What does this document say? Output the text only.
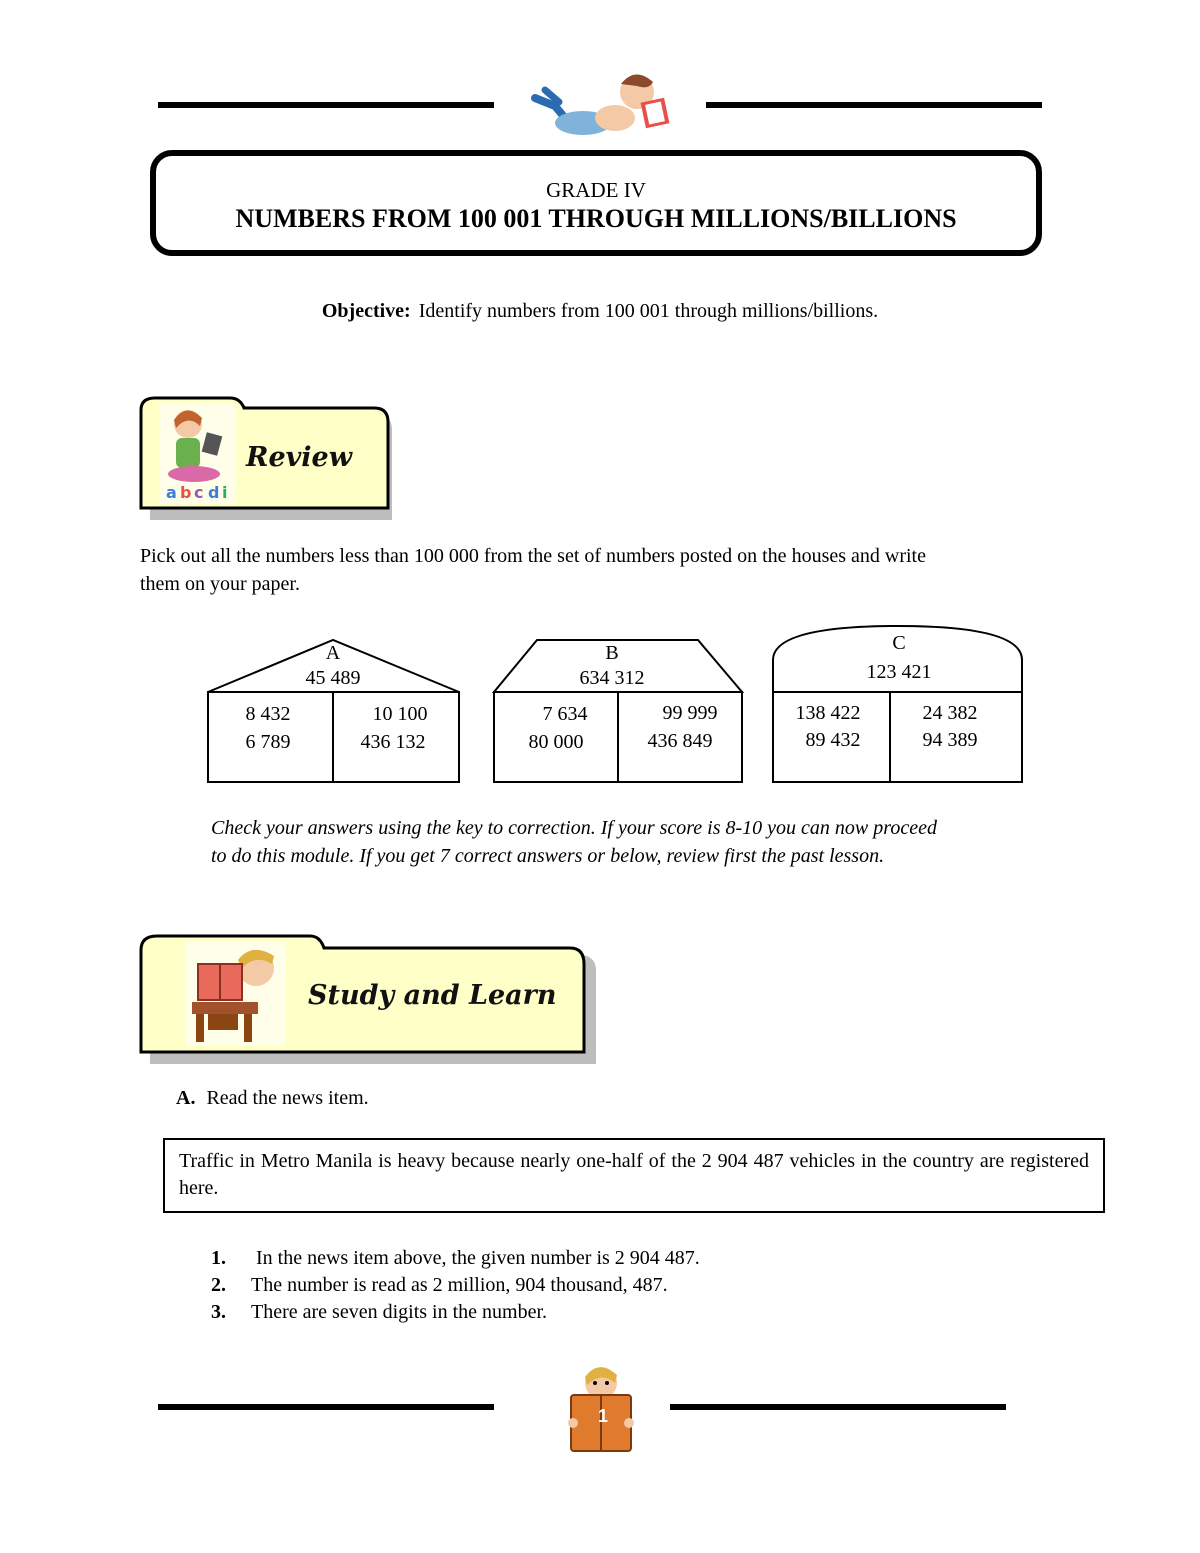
GRADE IV
NUMBERS FROM 100 001 THROUGH MILLIONS/BILLIONS
Objective: Identify numbers from 100 001 through millions/billions.
a b c d i
Review
Pick out all the numbers less than 100 000 from the set of numbers posted on the houses and write
them on your paper.
A
45 489
8 432
6 789
10 100
436 132
B
634 312
7 634
80 000
99 999
436 849
C
123 421
138 422
89 432
24 382
94 389
Check your answers using the key to correction. If your score is 8-10 you can now proceed
to do this module. If you get 7 correct answers or below, review first the past lesson.
Study and Learn
A. Read the news item.
Traffic in Metro Manila is heavy because nearly one-half of the 2 904 487 vehicles in the country are registered here.
1. In the news item above, the given number is 2 904 487.
2. The number is read as 2 million, 904 thousand, 487.
3. There are seven digits in the number.
1
